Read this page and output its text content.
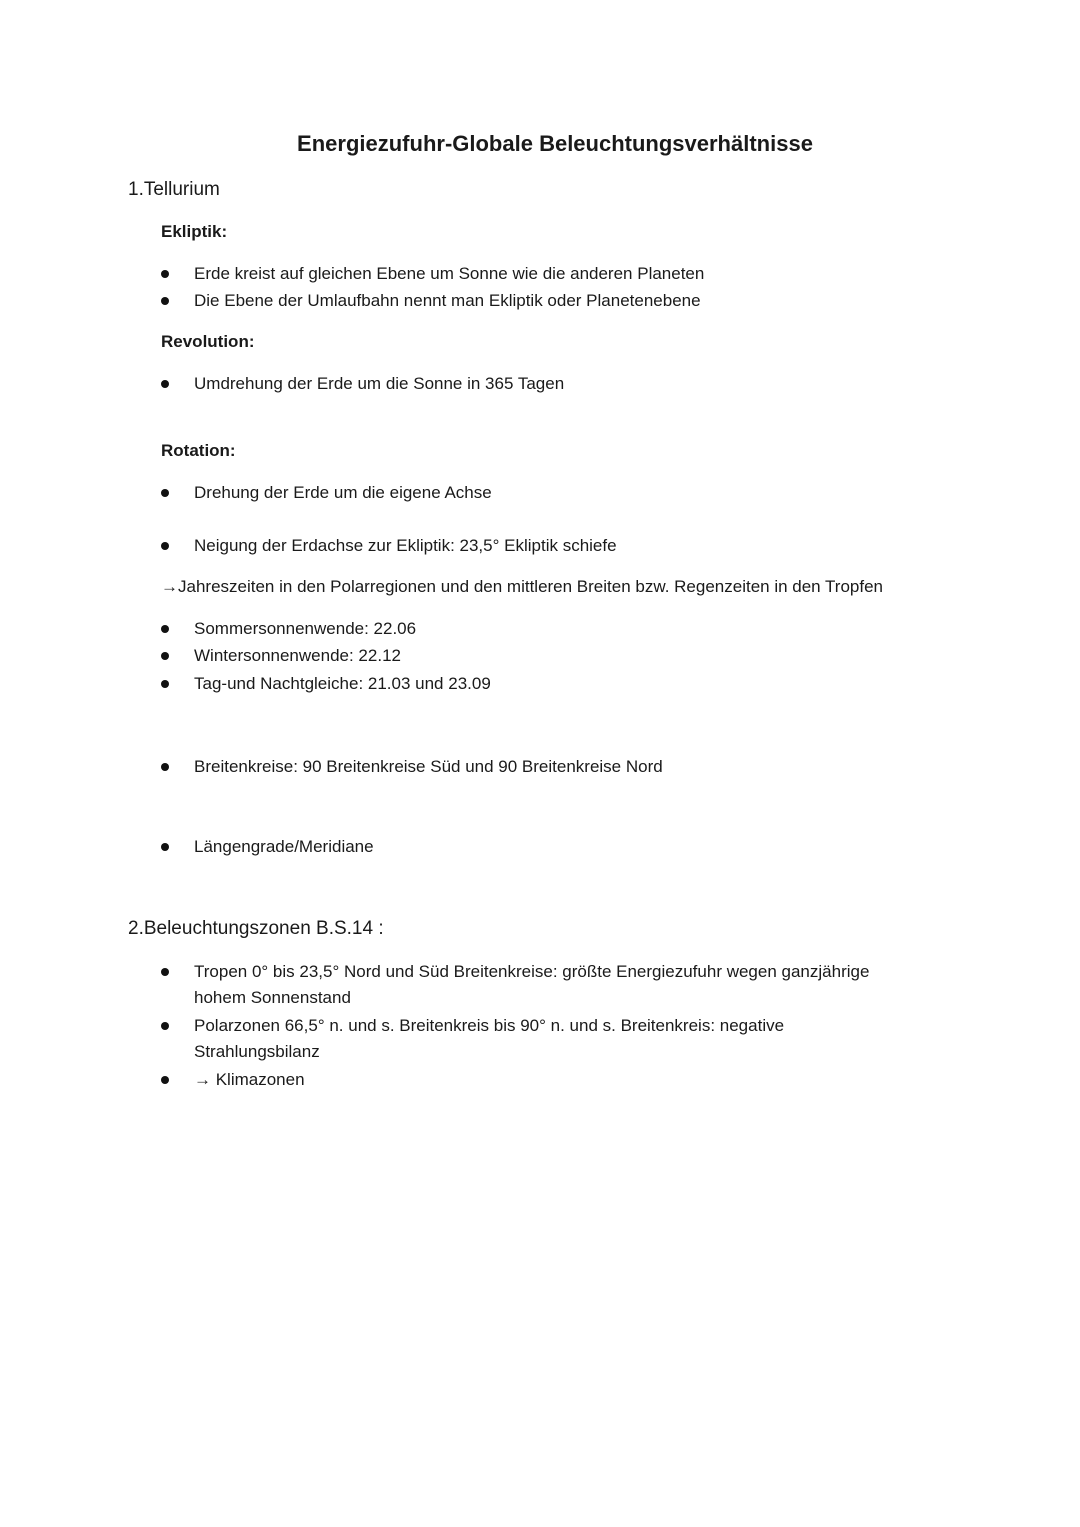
Energiezufuhr-Globale Beleuchtungsverhältnisse
1.Tellurium
Ekliptik:
Erde kreist auf gleichen Ebene um Sonne wie die anderen Planeten
Die Ebene der Umlaufbahn nennt man Ekliptik oder Planetenebene
Revolution:
Umdrehung der Erde um die Sonne in 365 Tagen
Rotation:
Drehung der Erde um die eigene Achse
Neigung der Erdachse zur Ekliptik: 23,5° Ekliptik schiefe
→Jahreszeiten in den Polarregionen und den mittleren Breiten bzw. Regenzeiten in den Tropfen
Sommersonnenwende: 22.06
Wintersonnenwende: 22.12
Tag-und Nachtgleiche: 21.03 und 23.09
Breitenkreise: 90 Breitenkreise Süd und 90 Breitenkreise Nord
Längengrade/Meridiane
2.Beleuchtungszonen B.S.14 :
Tropen 0° bis 23,5° Nord und Süd Breitenkreise: größte Energiezufuhr wegen ganzjährige
hohem Sonnenstand
Polarzonen 66,5° n. und s. Breitenkreis bis 90° n. und s. Breitenkreis: negative
Strahlungsbilanz
→ Klimazonen
